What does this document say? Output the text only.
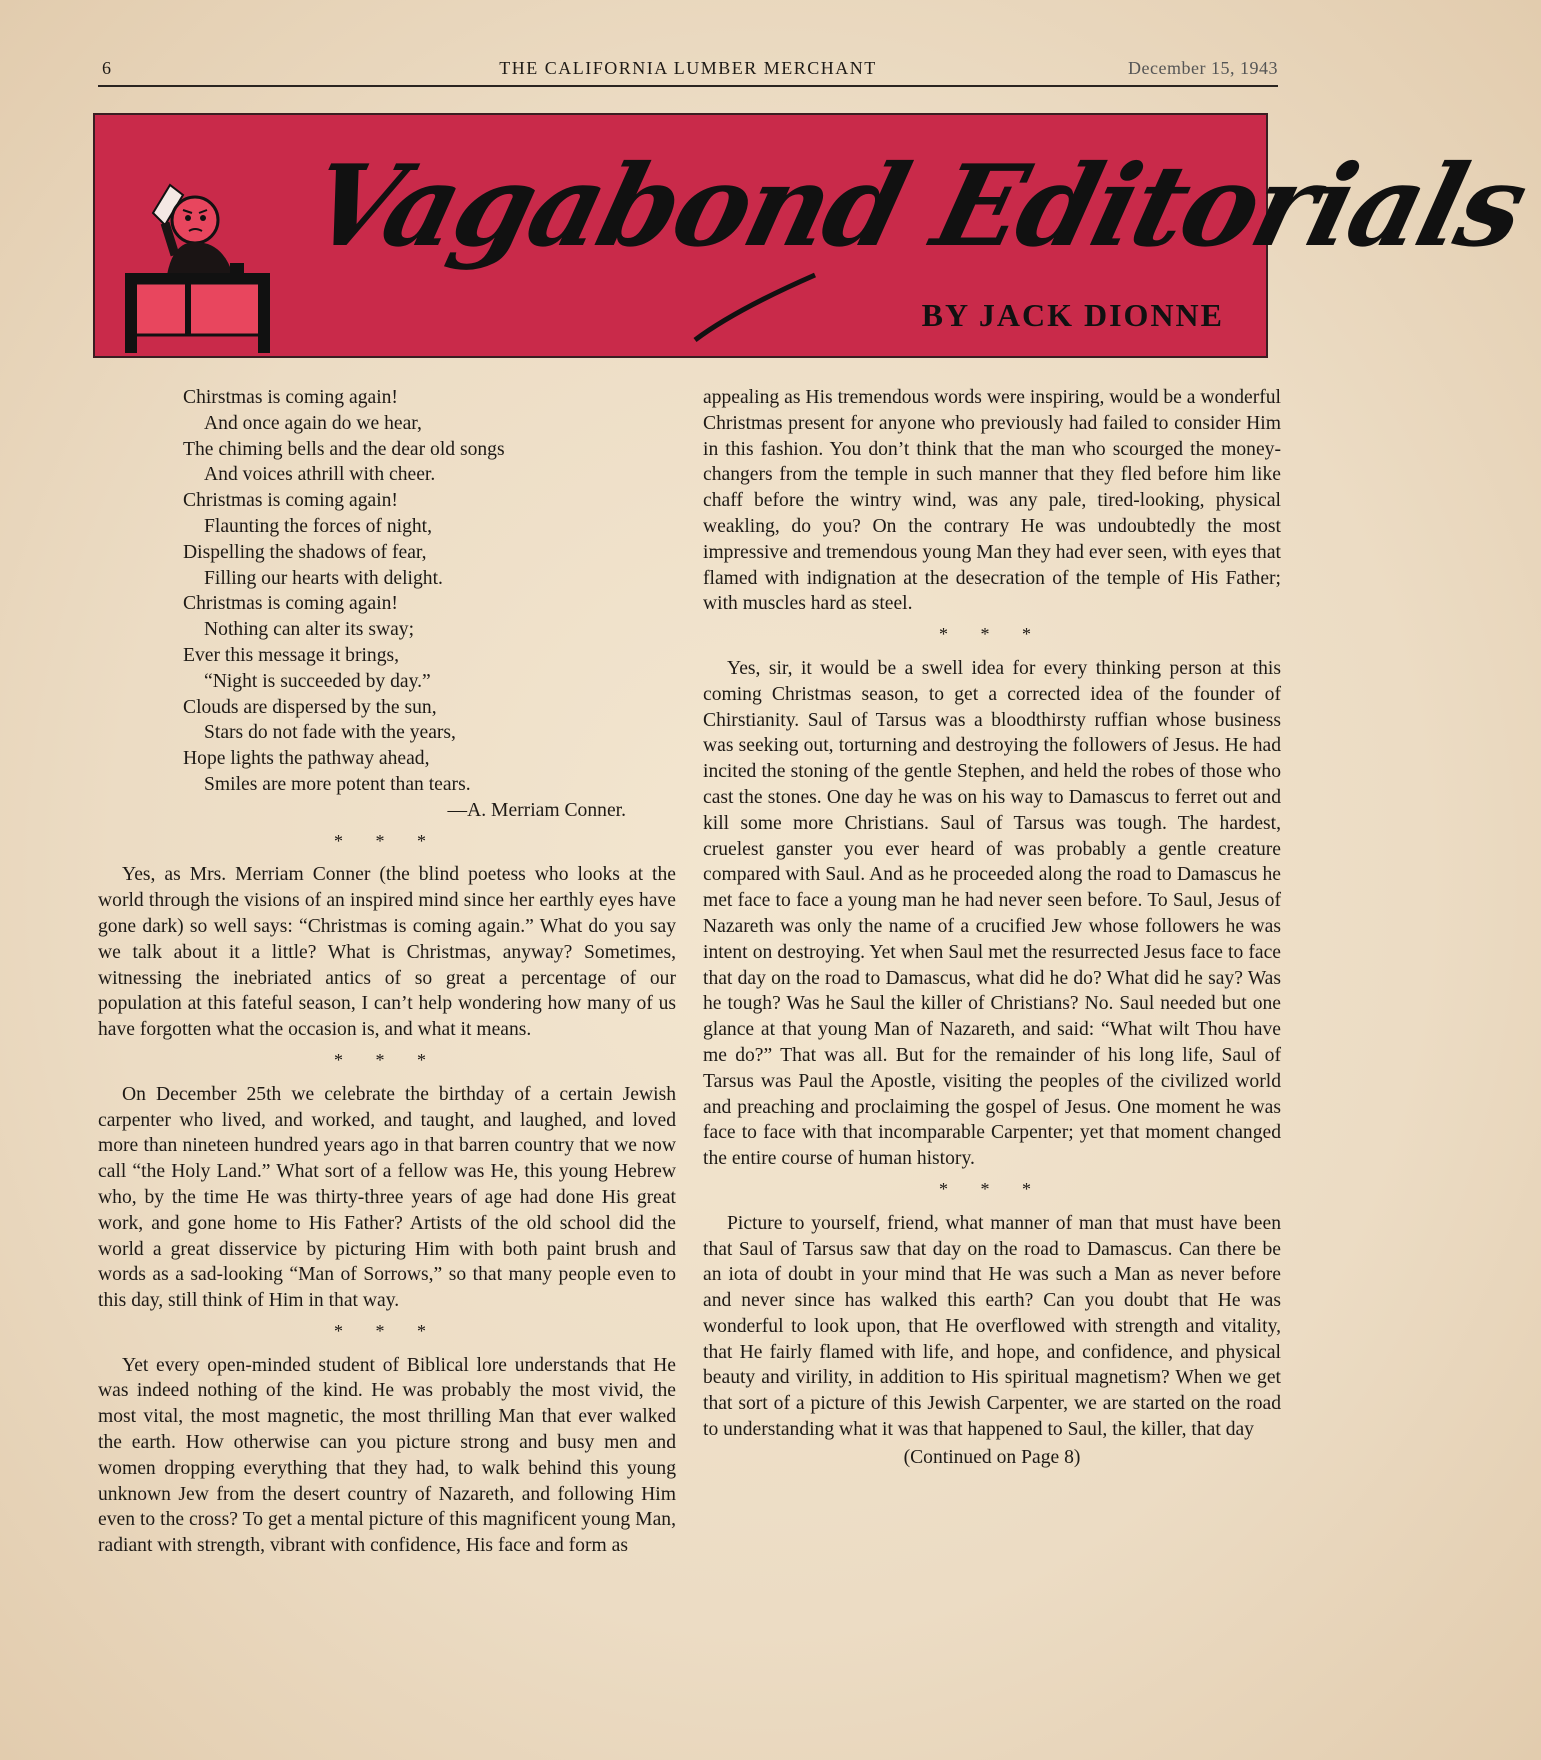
6	THE CALIFORNIA LUMBER MERCHANT	December 15, 1943
Vagabond Editorials
BY JACK DIONNE
Chirstmas is coming again!
And once again do we hear,
The chiming bells and the dear old songs
And voices athrill with cheer.
Christmas is coming again!
Flaunting the forces of night,
Dispelling the shadows of fear,
Filling our hearts with delight.
Christmas is coming again!
Nothing can alter its sway;
Ever this message it brings,
“Night is succeeded by day.”
Clouds are dispersed by the sun,
Stars do not fade with the years,
Hope lights the pathway ahead,
Smiles are more potent than tears.
—A. Merriam Conner.
* * *

Yes, as Mrs. Merriam Conner (the blind poetess who looks at the world through the visions of an inspired mind since her earthly eyes have gone dark) so well says: “Christmas is coming again.” What do you say we talk about it a little? What is Christmas, anyway? Sometimes, witnessing the inebriated antics of so great a percentage of our population at this fateful season, I can’t help wondering how many of us have forgotten what the occasion is, and what it means.

* * *

On December 25th we celebrate the birthday of a certain Jewish carpenter who lived, and worked, and taught, and laughed, and loved more than nineteen hundred years ago in that barren country that we now call “the Holy Land.” What sort of a fellow was He, this young Hebrew who, by the time He was thirty-three years of age had done His great work, and gone home to His Father? Artists of the old school did the world a great disservice by picturing Him with both paint brush and words as a sad-looking “Man of Sorrows,” so that many people even to this day, still think of Him in that way.

* * *

Yet every open-minded student of Biblical lore understands that He was indeed nothing of the kind. He was probably the most vivid, the most vital, the most magnetic, the most thrilling Man that ever walked the earth. How otherwise can you picture strong and busy men and women dropping everything that they had, to walk behind this young unknown Jew from the desert country of Nazareth, and following Him even to the cross? To get a mental picture of this magnificent young Man, radiant with strength, vibrant with confidence, His face and form as

appealing as His tremendous words were inspiring, would be a wonderful Christmas present for anyone who previously had failed to consider Him in this fashion. You don’t think that the man who scourged the money-changers from the temple in such manner that they fled before him like chaff before the wintry wind, was any pale, tired-looking, physical weakling, do you? On the contrary He was undoubtedly the most impressive and tremendous young Man they had ever seen, with eyes that flamed with indignation at the desecration of the temple of His Father; with muscles hard as steel.

* * *

Yes, sir, it would be a swell idea for every thinking person at this coming Christmas season, to get a corrected idea of the founder of Chirstianity. Saul of Tarsus was a bloodthirsty ruffian whose business was seeking out, torturning and destroying the followers of Jesus. He had incited the stoning of the gentle Stephen, and held the robes of those who cast the stones. One day he was on his way to Damascus to ferret out and kill some more Christians. Saul of Tarsus was tough. The hardest, cruelest ganster you ever heard of was probably a gentle creature compared with Saul. And as he proceeded along the road to Damascus he met face to face a young man he had never seen before. To Saul, Jesus of Nazareth was only the name of a crucified Jew whose followers he was intent on destroying. Yet when Saul met the resurrected Jesus face to face that day on the road to Damascus, what did he do? What did he say? Was he tough? Was he Saul the killer of Christians? No. Saul needed but one glance at that young Man of Nazareth, and said: “What wilt Thou have me do?” That was all. But for the remainder of his long life, Saul of Tarsus was Paul the Apostle, visiting the peoples of the civilized world and preaching and proclaiming the gospel of Jesus. One moment he was face to face with that incomparable Carpenter; yet that moment changed the entire course of human history.

* * *

Picture to yourself, friend, what manner of man that must have been that Saul of Tarsus saw that day on the road to Damascus. Can there be an iota of doubt in your mind that He was such a Man as never before and never since has walked this earth? Can you doubt that He was wonderful to look upon, that He overflowed with strength and vitality, that He fairly flamed with life, and hope, and confidence, and physical beauty and virility, in addition to His spiritual magnetism? When we get that sort of a picture of this Jewish Carpenter, we are started on the road to understanding what it was that happened to Saul, the killer, that day

(Continued on Page 8)
